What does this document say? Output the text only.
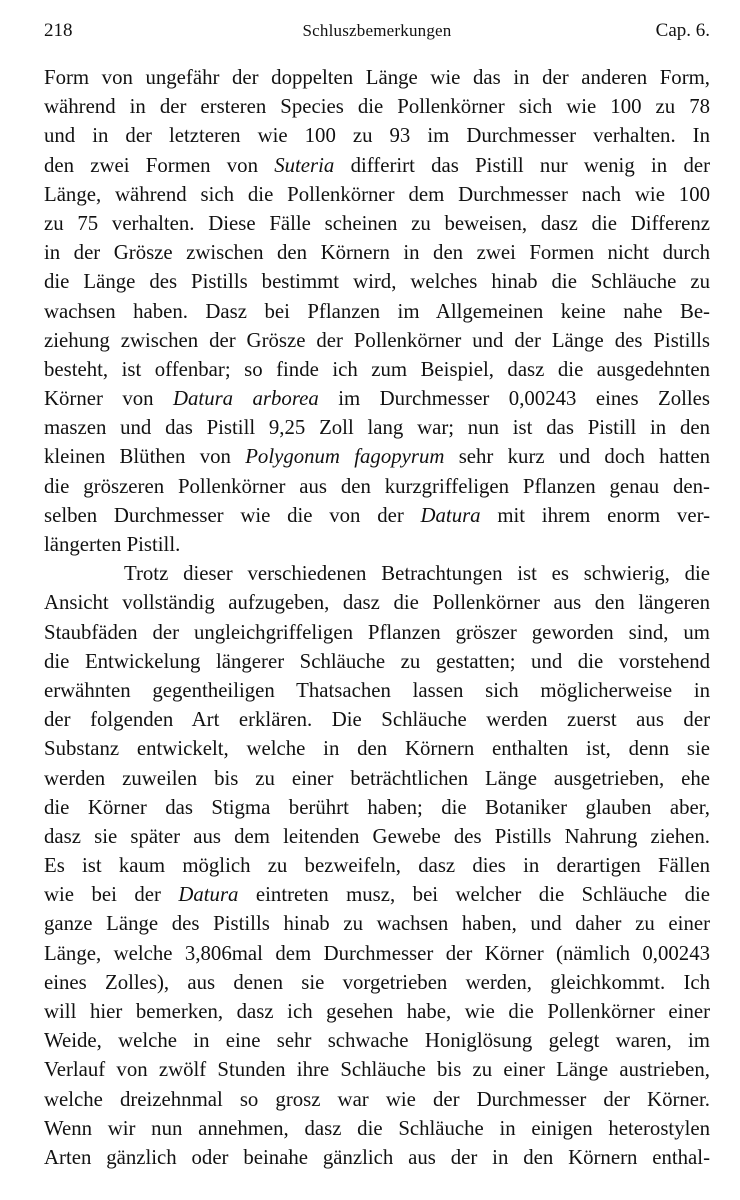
218	Schluszbemerkungen	Cap. 6.
Form von ungefähr der doppelten Länge wie das in der anderen Form,
während in der ersteren Species die Pollenkörner sich wie 100 zu 78
und in der letzteren wie 100 zu 93 im Durchmesser verhalten. In
den zwei Formen von Suteria differirt das Pistill nur wenig in der
Länge, während sich die Pollenkörner dem Durchmesser nach wie 100
zu 75 verhalten. Diese Fälle scheinen zu beweisen, dasz die Differenz
in der Grösze zwischen den Körnern in den zwei Formen nicht durch
die Länge des Pistills bestimmt wird, welches hinab die Schläuche zu
wachsen haben. Dasz bei Pflanzen im Allgemeinen keine nahe Be-
ziehung zwischen der Grösze der Pollenkörner und der Länge des Pistills
besteht, ist offenbar; so finde ich zum Beispiel, dasz die ausgedehnten
Körner von Datura arborea im Durchmesser 0,00243 eines Zolles
maszen und das Pistill 9,25 Zoll lang war; nun ist das Pistill in den
kleinen Blüthen von Polygonum fagopyrum sehr kurz und doch hatten
die gröszeren Pollenkörner aus den kurzgriffeligen Pflanzen genau den-
selben Durchmesser wie die von der Datura mit ihrem enorm ver-
längerten Pistill.
Trotz dieser verschiedenen Betrachtungen ist es schwierig, die
Ansicht vollständig aufzugeben, dasz die Pollenkörner aus den längeren
Staubfäden der ungleichgriffeligen Pflanzen gröszer geworden sind, um
die Entwickelung längerer Schläuche zu gestatten; und die vorstehend
erwähnten gegentheiligen Thatsachen lassen sich möglicherweise in
der folgenden Art erklären. Die Schläuche werden zuerst aus der
Substanz entwickelt, welche in den Körnern enthalten ist, denn sie
werden zuweilen bis zu einer beträchtlichen Länge ausgetrieben, ehe
die Körner das Stigma berührt haben; die Botaniker glauben aber,
dasz sie später aus dem leitenden Gewebe des Pistills Nahrung ziehen.
Es ist kaum möglich zu bezweifeln, dasz dies in derartigen Fällen
wie bei der Datura eintreten musz, bei welcher die Schläuche die
ganze Länge des Pistills hinab zu wachsen haben, und daher zu einer
Länge, welche 3,806mal dem Durchmesser der Körner (nämlich 0,00243
eines Zolles), aus denen sie vorgetrieben werden, gleichkommt. Ich
will hier bemerken, dasz ich gesehen habe, wie die Pollenkörner einer
Weide, welche in eine sehr schwache Honiglösung gelegt waren, im
Verlauf von zwölf Stunden ihre Schläuche bis zu einer Länge austrieben,
welche dreizehnmal so grosz war wie der Durchmesser der Körner.
Wenn wir nun annehmen, dasz die Schläuche in einigen heterostylen
Arten gänzlich oder beinahe gänzlich aus der in den Körnern enthal-
